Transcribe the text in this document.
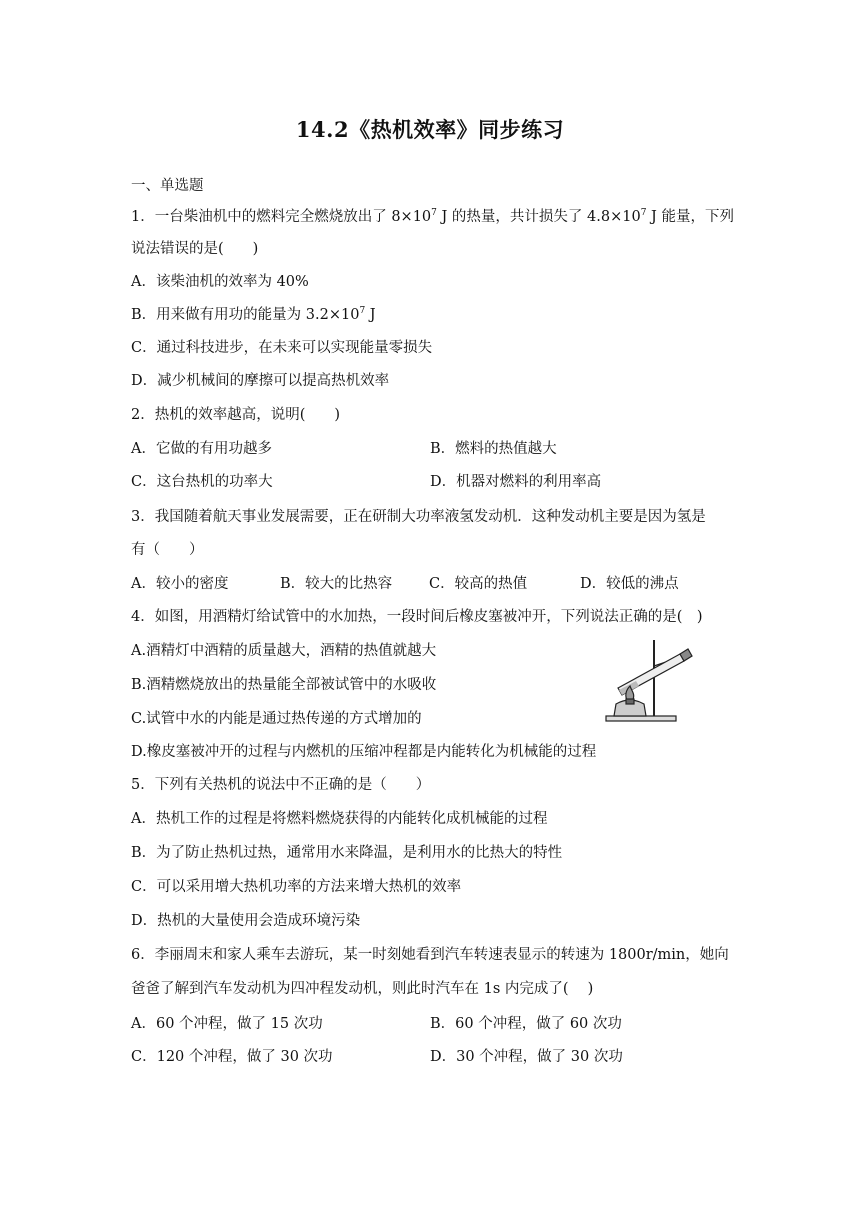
14.2《热机效率》同步练习
一、单选题
1．一台柴油机中的燃料完全燃烧放出了 $8\times 10^7$ J 的热量，共计损失了 $4.8\times 10^7$ J 能量，下列
说法错误的是(　　)
A．该柴油机的效率为 40%
B．用来做有用功的能量为 $3.2\times 10^7$ J
C．通过科技进步，在未来可以实现能量零损失
D．减少机械间的摩擦可以提高热机效率
2．热机的效率越高，说明(　　)
A．它做的有用功越多	B．燃料的热值越大
C．这台热机的功率大	D．机器对燃料的利用率高
3．我国随着航天事业发展需要，正在研制大功率液氢发动机．这种发动机主要是因为氢是
有（　　）
A．较小的密度	B．较大的比热容	C．较高的热值	D．较低的沸点
4．如图，用酒精灯给试管中的水加热，一段时间后橡皮塞被冲开，下列说法正确的是(　)
A.酒精灯中酒精的质量越大，酒精的热值就越大
B.酒精燃烧放出的热量能全部被试管中的水吸收
C.试管中水的内能是通过热传递的方式增加的
D.橡皮塞被冲开的过程与内燃机的压缩冲程都是内能转化为机械能的过程
5．下列有关热机的说法中不正确的是（　　）
A．热机工作的过程是将燃料燃烧获得的内能转化成机械能的过程
B．为了防止热机过热，通常用水来降温，是利用水的比热大的特性
C．可以采用增大热机功率的方法来增大热机的效率
D．热机的大量使用会造成环境污染
6．李丽周末和家人乘车去游玩，某一时刻她看到汽车转速表显示的转速为 1800r/min，她向
爸爸了解到汽车发动机为四冲程发动机，则此时汽车在 1s 内完成了(　 )
A．60 个冲程，做了 15 次功	B．60 个冲程，做了 60 次功
C．120 个冲程，做了 30 次功	D．30 个冲程，做了 30 次功
